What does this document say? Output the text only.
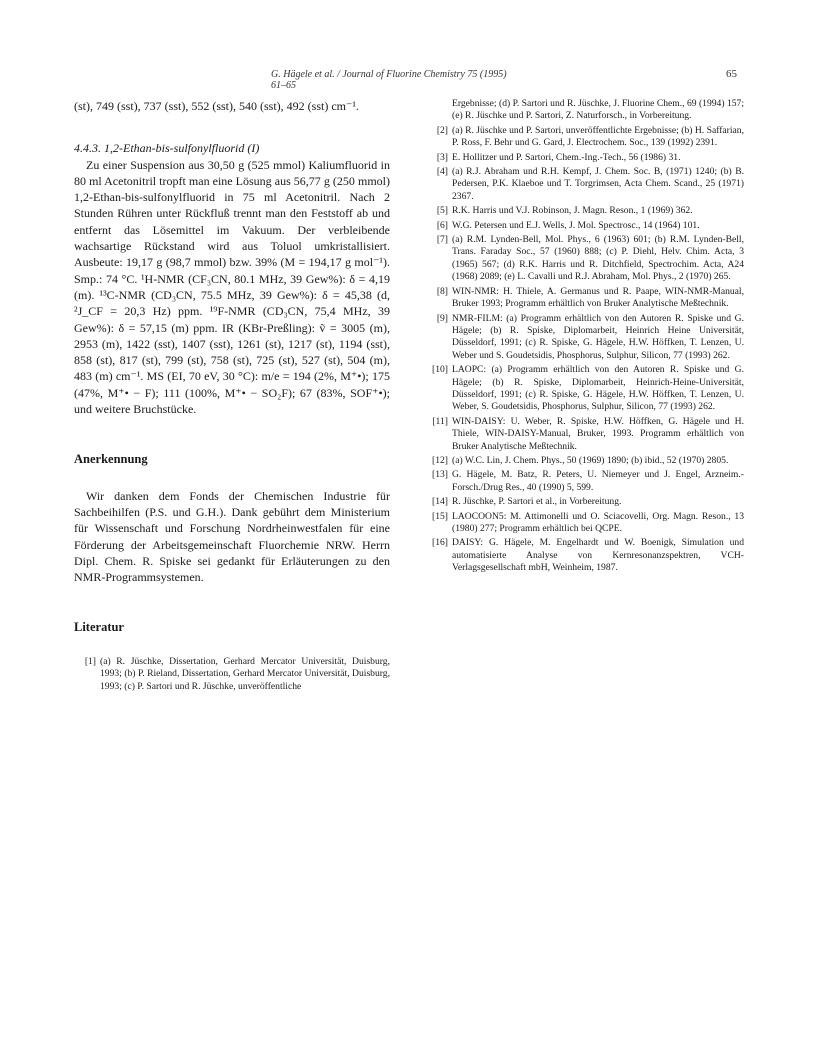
G. Hägele et al. / Journal of Fluorine Chemistry 75 (1995) 61–65
65

(st), 749 (sst), 737 (sst), 552 (sst), 540 (sst), 492 (sst) cm⁻¹.

4.4.3. 1,2-Ethan-bis-sulfonylfluorid (I)

Zu einer Suspension aus 30,50 g (525 mmol) Kaliumfluorid in 80 ml Acetonitril tropft man eine Lösung aus 56,77 g (250 mmol) 1,2-Ethan-bis-sulfonylfluorid in 75 ml Acetonitril. Nach 2 Stunden Rühren unter Rückfluß trennt man den Feststoff ab und entfernt das Lösemittel im Vakuum. Der verbleibende wachsartige Rückstand wird aus Toluol umkristallisiert. Ausbeute: 19,17 g (98,7 mmol) bzw. 39% (M = 194,17 g mol⁻¹). Smp.: 74 °C. ¹H-NMR (CF₃CN, 80.1 MHz, 39 Gew%): δ = 4,19 (m). ¹³C-NMR (CD₃CN, 75.5 MHz, 39 Gew%): δ = 45,38 (d, ²J_CF = 20,3 Hz) ppm. ¹⁹F-NMR (CD₃CN, 75,4 MHz, 39 Gew%): δ = 57,15 (m) ppm. IR (KBr-Preßling): ṽ = 3005 (m), 2953 (m), 1422 (sst), 1407 (sst), 1261 (st), 1217 (st), 1194 (sst), 858 (st), 817 (st), 799 (st), 758 (st), 725 (st), 527 (st), 504 (m), 483 (m) cm⁻¹. MS (EI, 70 eV, 30 °C): m/e = 194 (2%, M⁺•); 175 (47%, M⁺• − F); 111 (100%, M⁺• − SO₂F); 67 (83%, SOF⁺•); und weitere Bruchstücke.

Anerkennung

Wir danken dem Fonds der Chemischen Industrie für Sachbeihilfen (P.S. und G.H.). Dank gebührt dem Ministerium für Wissenschaft und Forschung Nordrheinwestfalen für eine Förderung der Arbeitsgemeinschaft Fluorchemie NRW. Herrn Dipl. Chem. R. Spiske sei gedankt für Erläuterungen zu den NMR-Programmsystemen.

Literatur
[1] (a) R. Jüschke, Dissertation, Gerhard Mercator Universität, Duisburg, 1993; (b) P. Rieland, Dissertation, Gerhard Mercator Universität, Duisburg, 1993; (c) P. Sartori und R. Jüschke, unveröffentliche
Ergebnisse; (d) P. Sartori und R. Jüschke, J. Fluorine Chem., 69 (1994) 157; (e) R. Jüschke und P. Sartori, Z. Naturforsch., in Vorbereitung.
[2] (a) R. Jüschke und P. Sartori, unveröffentlichte Ergebnisse; (b) H. Saffarian, P. Ross, F. Behr und G. Gard, J. Electrochem. Soc., 139 (1992) 2391.
[3] E. Hollitzer und P. Sartori, Chem.-Ing.-Tech., 56 (1986) 31.
[4] (a) R.J. Abraham und R.H. Kempf, J. Chem. Soc. B, (1971) 1240; (b) B. Pedersen, P.K. Klaeboe und T. Torgrimsen, Acta Chem. Scand., 25 (1971) 2367.
[5] R.K. Harris und V.J. Robinson, J. Magn. Reson., 1 (1969) 362.
[6] W.G. Petersen und E.J. Wells, J. Mol. Spectrosc., 14 (1964) 101.
[7] (a) R.M. Lynden-Bell, Mol. Phys., 6 (1963) 601; (b) R.M. Lynden-Bell, Trans. Faraday Soc., 57 (1960) 888; (c) P. Diehl, Helv. Chim. Acta, 3 (1965) 567; (d) R.K. Harris und R. Ditchfield, Spectrochim. Acta, A24 (1968) 2089; (e) L. Cavalli und R.J. Abraham, Mol. Phys., 2 (1970) 265.
[8] WIN-NMR: H. Thiele, A. Germanus und R. Paape, WIN-NMR-Manual, Bruker 1993; Programm erhältlich von Bruker Analytische Meßtechnik.
[9] NMR-FILM: (a) Programm erhältlich von den Autoren R. Spiske und G. Hägele; (b) R. Spiske, Diplomarbeit, Heinrich Heine Universität, Düsseldorf, 1991; (c) R. Spiske, G. Hägele, H.W. Höffken, T. Lenzen, U. Weber und S. Goudetsidis, Phosphorus, Sulphur, Silicon, 77 (1993) 262.
[10] LAOPC: (a) Programm erhältlich von den Autoren R. Spiske und G. Hägele; (b) R. Spiske, Diplomarbeit, Heinrich-Heine-Universität, Düsseldorf, 1991; (c) R. Spiske, G. Hägele, H.W. Höffken, T. Lenzen, U. Weber, S. Goudetsidis, Phosphorus, Sulphur, Silicon, 77 (1993) 262.
[11] WIN-DAISY: U. Weber, R. Spiske, H.W. Höffken, G. Hägele und H. Thiele, WIN-DAISY-Manual, Bruker, 1993. Programm erhältlich von Bruker Analytische Meßtechnik.
[12] (a) W.C. Lin, J. Chem. Phys., 50 (1969) 1890; (b) ibid., 52 (1970) 2805.
[13] G. Hägele, M. Batz, R. Peters, U. Niemeyer und J. Engel, Arzneim.-Forsch./Drug Res., 40 (1990) 5, 599.
[14] R. Jüschke, P. Sartori et al., in Vorbereitung.
[15] LAOCOON5: M. Attimonelli und O. Sciacovelli, Org. Magn. Reson., 13 (1980) 277; Programm erhältlich bei QCPE.
[16] DAISY: G. Hägele, M. Engelhardt und W. Boenigk, Simulation und automatisierte Analyse von Kernresonanzspektren, VCH-Verlagsgesellschaft mbH, Weinheim, 1987.
